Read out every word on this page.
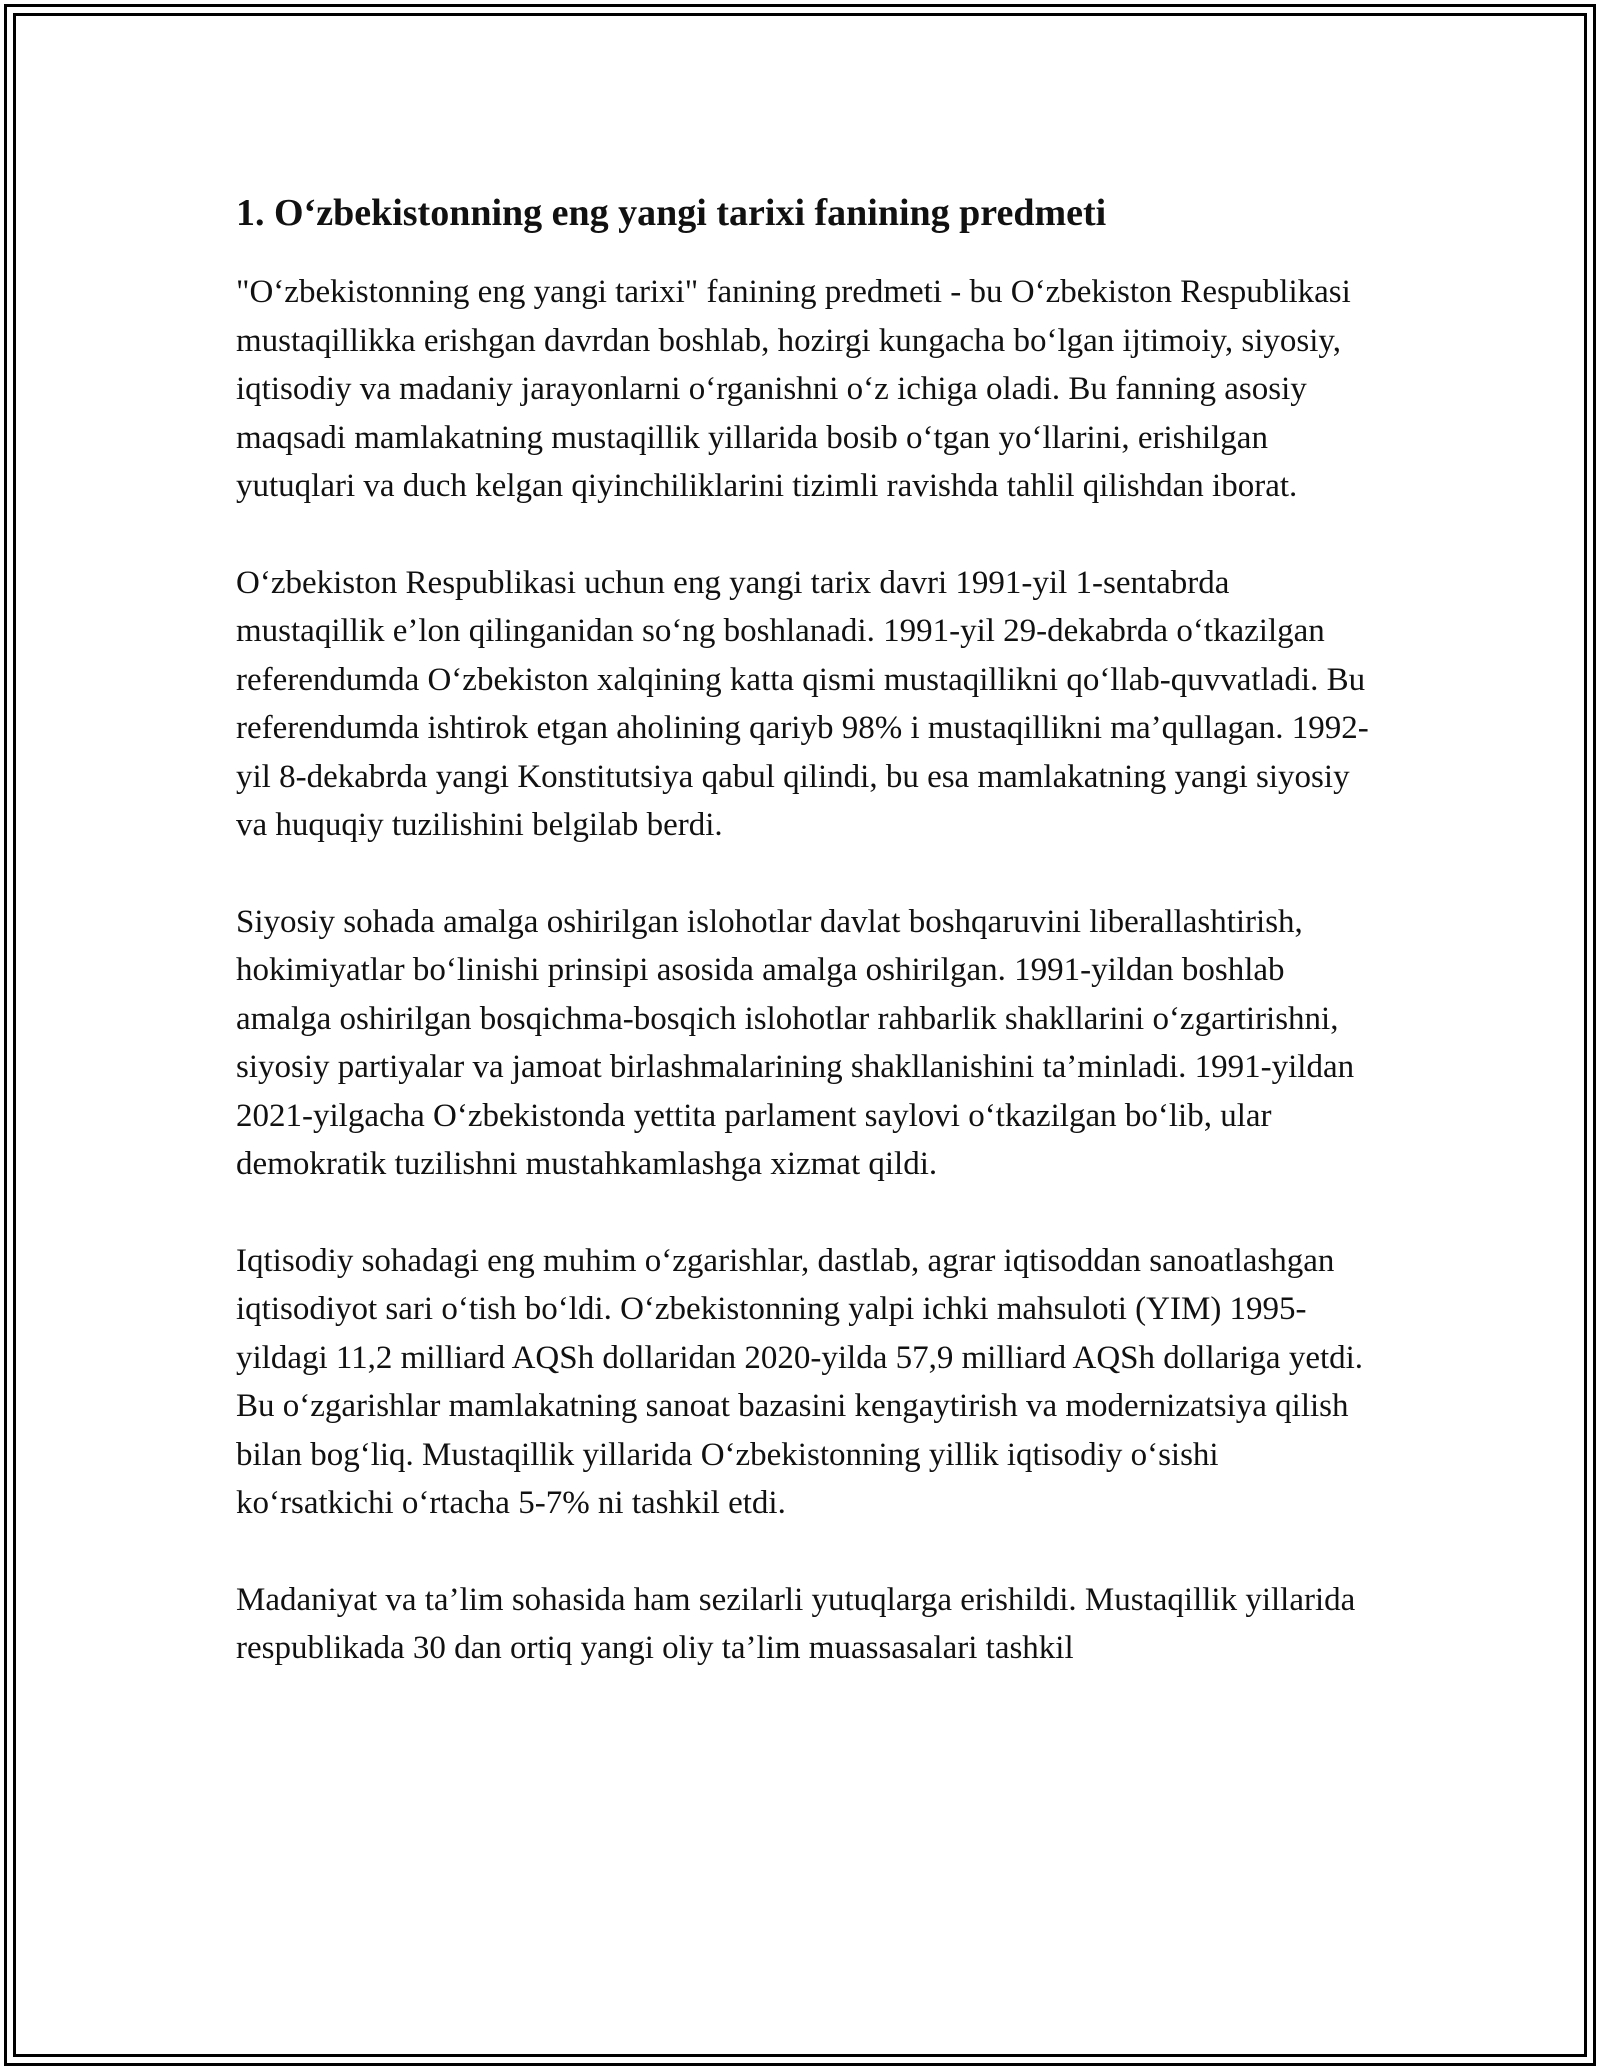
1. O‘zbekistonning eng yangi tarixi fanining predmeti

"O‘zbekistonning eng yangi tarixi" fanining predmeti - bu O‘zbekiston Respublikasi mustaqillikka erishgan davrdan boshlab, hozirgi kungacha bo‘lgan ijtimoiy, siyosiy, iqtisodiy va madaniy jarayonlarni o‘rganishni o‘z ichiga oladi. Bu fanning asosiy maqsadi mamlakatning mustaqillik yillarida bosib o‘tgan yo‘llarini, erishilgan yutuqlari va duch kelgan qiyinchiliklarini tizimli ravishda tahlil qilishdan iborat.

O‘zbekiston Respublikasi uchun eng yangi tarix davri 1991-yil 1-sentabrda mustaqillik e’lon qilinganidan so‘ng boshlanadi. 1991-yil 29-dekabrda o‘tkazilgan referendumda O‘zbekiston xalqining katta qismi mustaqillikni qo‘llab-quvvatladi. Bu referendumda ishtirok etgan aholining qariyb 98% i mustaqillikni ma’qullagan. 1992-yil 8-dekabrda yangi Konstitutsiya qabul qilindi, bu esa mamlakatning yangi siyosiy va huquqiy tuzilishini belgilab berdi.

Siyosiy sohada amalga oshirilgan islohotlar davlat boshqaruvini liberallashtirish, hokimiyatlar bo‘linishi prinsipi asosida amalga oshirilgan. 1991-yildan boshlab amalga oshirilgan bosqichma-bosqich islohotlar rahbarlik shakllarini o‘zgartirishni, siyosiy partiyalar va jamoat birlashmalarining shakllanishini ta’minladi. 1991-yildan 2021-yilgacha O‘zbekistonda yettita parlament saylovi o‘tkazilgan bo‘lib, ular demokratik tuzilishni mustahkamlashga xizmat qildi.

Iqtisodiy sohadagi eng muhim o‘zgarishlar, dastlab, agrar iqtisoddan sanoatlashgan iqtisodiyot sari o‘tish bo‘ldi. O‘zbekistonning yalpi ichki mahsuloti (YIM) 1995-yildagi 11,2 milliard AQSh dollaridan 2020-yilda 57,9 milliard AQSh dollariga yetdi. Bu o‘zgarishlar mamlakatning sanoat bazasini kengaytirish va modernizatsiya qilish bilan bog‘liq. Mustaqillik yillarida O‘zbekistonning yillik iqtisodiy o‘sishi ko‘rsatkichi o‘rtacha 5-7% ni tashkil etdi.

Madaniyat va ta’lim sohasida ham sezilarli yutuqlarga erishildi. Mustaqillik yillarida respublikada 30 dan ortiq yangi oliy ta’lim muassasalari tashkil
